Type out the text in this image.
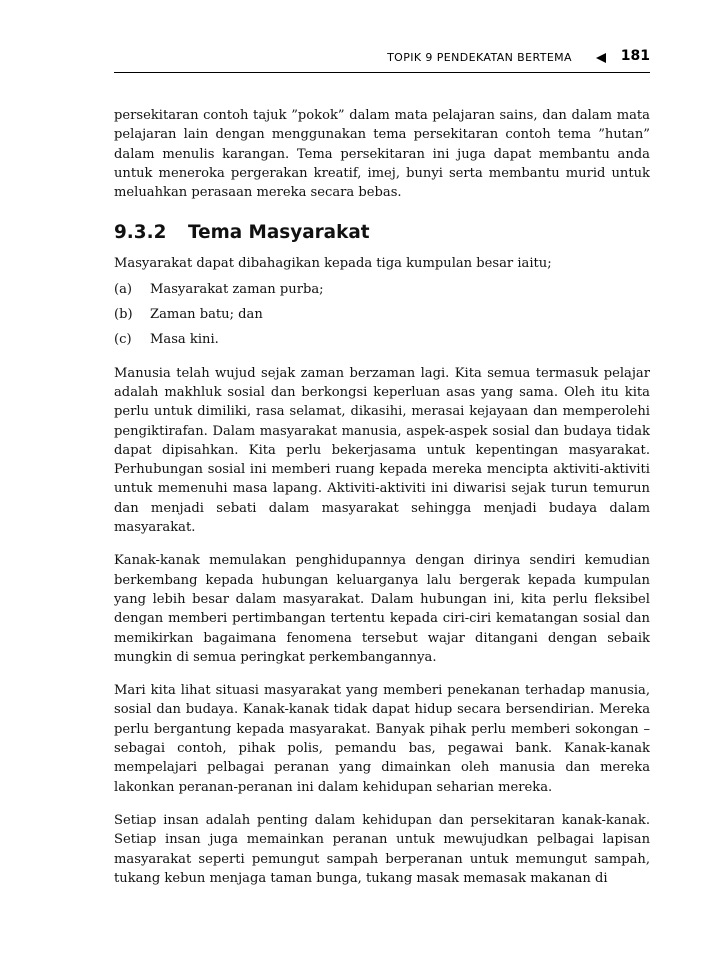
TOPIK 9 PENDEKATAN BERTEMA	181

persekitaran contoh tajuk ”pokok” dalam mata pelajaran sains, dan dalam mata pelajaran lain dengan menggunakan tema persekitaran contoh tema ”hutan” dalam menulis karangan. Tema persekitaran ini juga dapat membantu anda untuk meneroka pergerakan kreatif, imej, bunyi serta membantu murid untuk meluahkan perasaan mereka secara bebas.

9.3.2 Tema Masyarakat

Masyarakat dapat dibahagikan kepada tiga kumpulan besar iaitu;

(a) Masyarakat zaman purba;
(b) Zaman batu; dan
(c) Masa kini.

Manusia telah wujud sejak zaman berzaman lagi. Kita semua termasuk pelajar adalah makhluk sosial dan berkongsi keperluan asas yang sama. Oleh itu kita perlu untuk dimiliki, rasa selamat, dikasihi, merasai kejayaan dan memperolehi pengiktirafan. Dalam masyarakat manusia, aspek-aspek sosial dan budaya tidak dapat dipisahkan. Kita perlu bekerjasama untuk kepentingan masyarakat. Perhubungan sosial ini memberi ruang kepada mereka mencipta aktiviti-aktiviti untuk memenuhi masa lapang. Aktiviti-aktiviti ini diwarisi sejak turun temurun dan menjadi sebati dalam masyarakat sehingga menjadi budaya dalam masyarakat.

Kanak-kanak memulakan penghidupannya dengan dirinya sendiri kemudian berkembang kepada hubungan keluarganya lalu bergerak kepada kumpulan yang lebih besar dalam masyarakat. Dalam hubungan ini, kita perlu fleksibel dengan memberi pertimbangan tertentu kepada ciri-ciri kematangan sosial dan memikirkan bagaimana fenomena tersebut wajar ditangani dengan sebaik mungkin di semua peringkat perkembangannya.

Mari kita lihat situasi masyarakat yang memberi penekanan terhadap manusia, sosial dan budaya. Kanak-kanak tidak dapat hidup secara bersendirian. Mereka perlu bergantung kepada masyarakat. Banyak pihak perlu memberi sokongan – sebagai contoh, pihak polis, pemandu bas, pegawai bank. Kanak-kanak mempelajari pelbagai peranan yang dimainkan oleh manusia dan mereka lakonkan peranan-peranan ini dalam kehidupan seharian mereka.

Setiap insan adalah penting dalam kehidupan dan persekitaran kanak-kanak. Setiap insan juga memainkan peranan untuk mewujudkan pelbagai lapisan masyarakat seperti pemungut sampah berperanan untuk memungut sampah, tukang kebun menjaga taman bunga, tukang masak memasak makanan di
